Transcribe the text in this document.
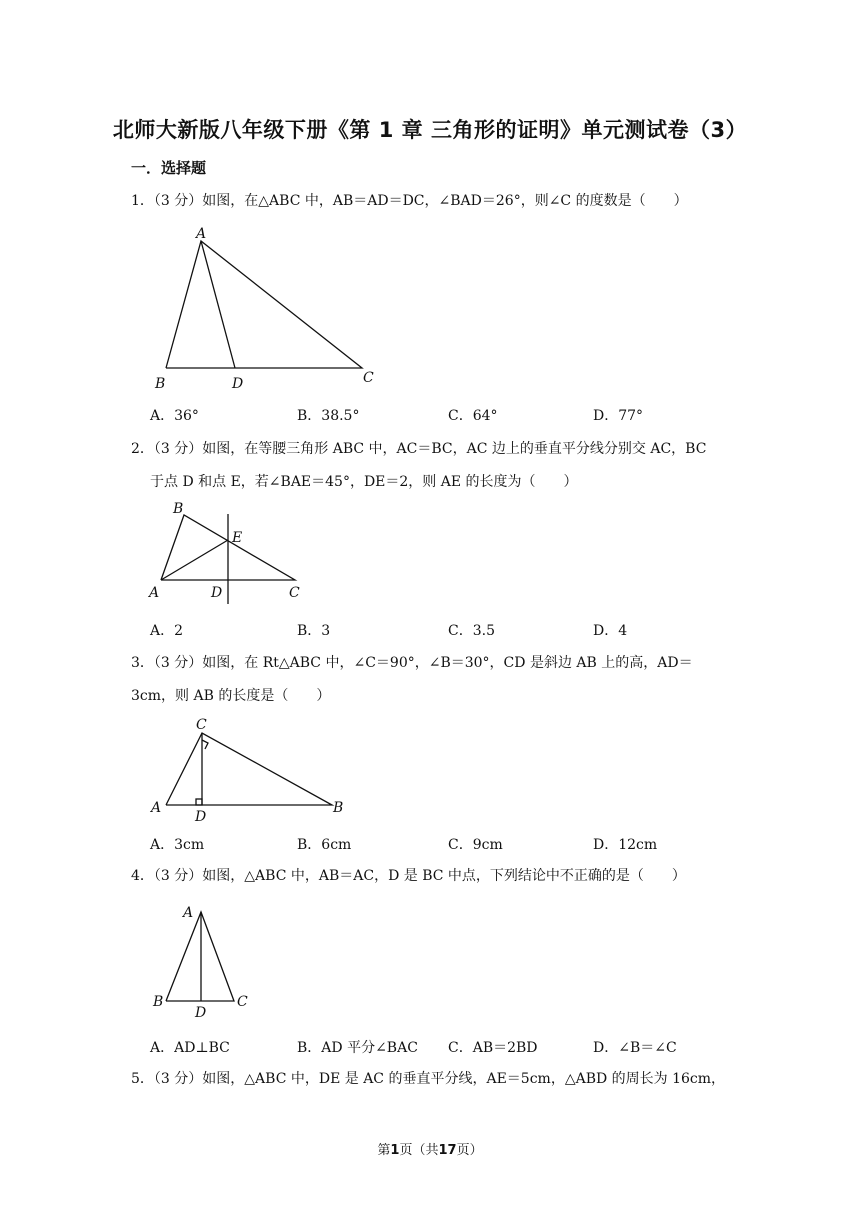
北师大新版八年级下册《第 1 章 三角形的证明》单元测试卷（3）
一．选择题
1．（3 分）如图，在△ABC 中，AB＝AD＝DC，∠BAD＝26°，则∠C 的度数是（　　）
A
B	D	C
A．36°	B．38.5°	C．64°	D．77°
2．（3 分）如图，在等腰三角形 ABC 中，AC＝BC，AC 边上的垂直平分线分别交 AC，BC
于点 D 和点 E，若∠BAE＝45°，DE＝2，则 AE 的长度为（　　）
B
E
A	D	C
A．2	B．3	C．3.5	D．4
3．（3 分）如图，在 Rt△ABC 中，∠C＝90°，∠B＝30°，CD 是斜边 AB 上的高，AD＝
3cm，则 AB 的长度是（　　）
C
A
D
B
A．3cm	B．6cm	C．9cm	D．12cm
4．（3 分）如图，△ABC 中，AB＝AC，D 是 BC 中点，下列结论中不正确的是（　　）
A
B
D
C
A．AD⊥BC	B．AD 平分∠BAC C．AB＝2BD	D．∠B＝∠C
5．（3 分）如图，△ABC 中，DE 是 AC 的垂直平分线，AE＝5cm，△ABD 的周长为 16cm，
第1页（共17页）
